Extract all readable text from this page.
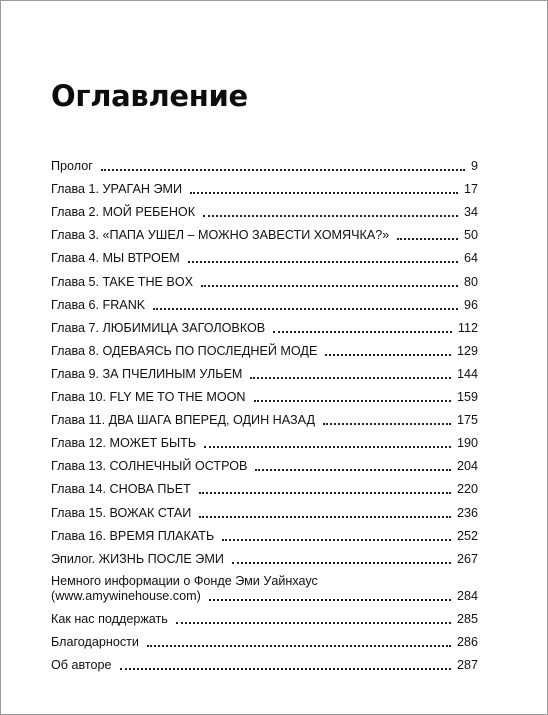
Оглавление
Пролог	9
Глава 1. УРАГАН ЭМИ	17
Глава 2. МОЙ РЕБЕНОК	34
Глава 3. «ПАПА УШЕЛ – МОЖНО ЗАВЕСТИ ХОМЯЧКА?»	50
Глава 4. МЫ ВТРОЕМ	64
Глава 5. TAKE THE BOX	80
Глава 6. FRANK	96
Глава 7. ЛЮБИМИЦА ЗАГОЛОВКОВ	112
Глава 8. ОДЕВАЯСЬ ПО ПОСЛЕДНЕЙ МОДЕ	129
Глава 9. ЗА ПЧЕЛИНЫМ УЛЬЕМ	144
Глава 10. FLY ME TO THE MOON	159
Глава 11. ДВА ШАГА ВПЕРЕД, ОДИН НАЗАД	175
Глава 12. МОЖЕТ БЫТЬ	190
Глава 13. СОЛНЕЧНЫЙ ОСТРОВ	204
Глава 14. СНОВА ПЬЕТ	220
Глава 15. ВОЖАК СТАИ	236
Глава 16. ВРЕМЯ ПЛАКАТЬ	252
Эпилог. ЖИЗНЬ ПОСЛЕ ЭМИ	267
Немного информации о Фонде Эми Уайнхаус
(www.amywinehouse.com)	284
Как нас поддержать	285
Благодарности	286
Об авторе	287
